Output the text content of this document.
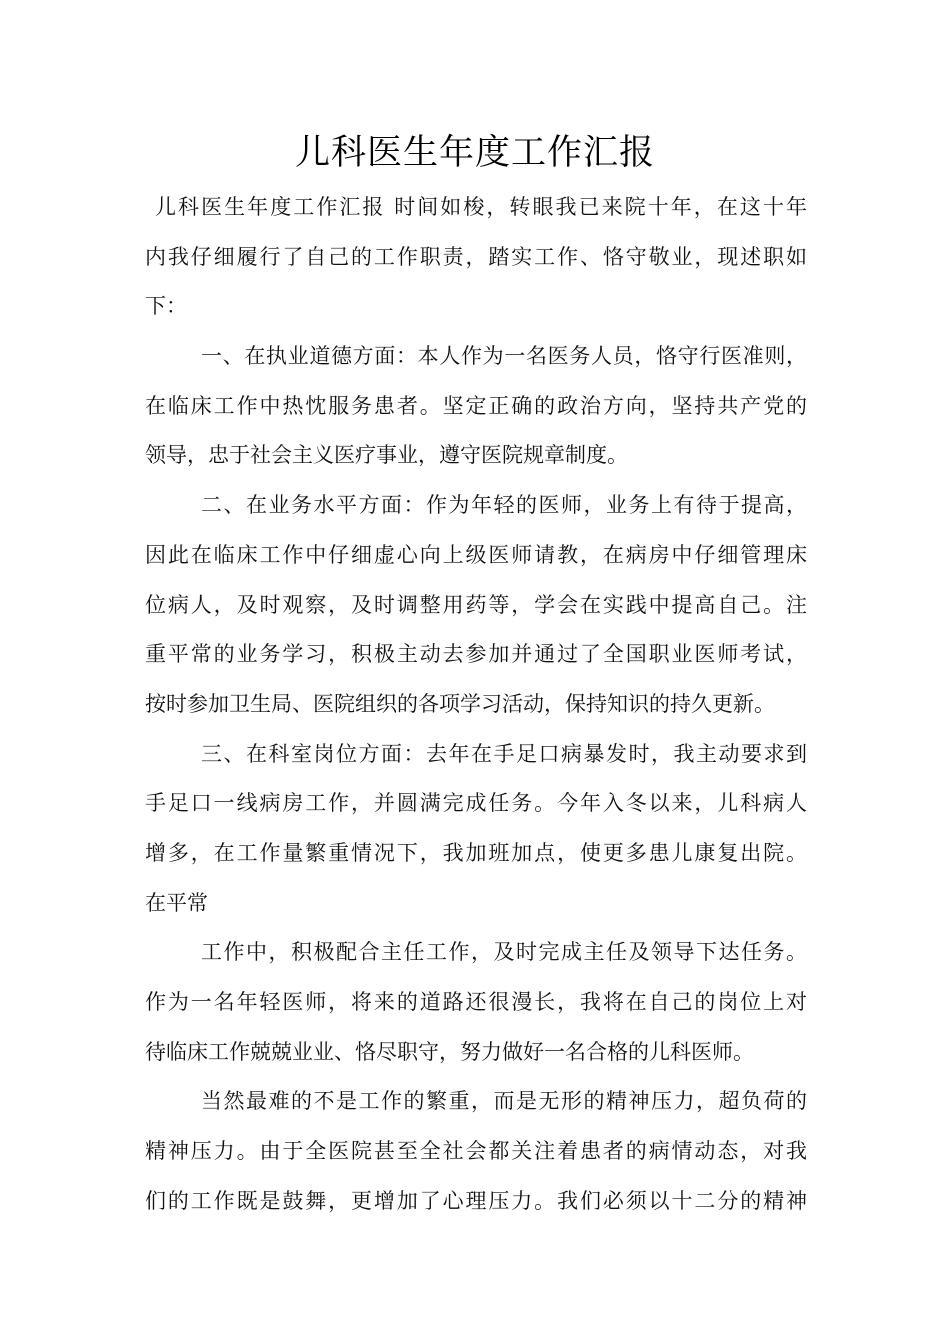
儿科医生年度工作汇报
儿科医生年度工作汇报 时间如梭，转眼我已来院十年，在这十年
内我仔细履行了自己的工作职责，踏实工作、恪守敬业，现述职如
下：
一、在执业道德方面：本人作为一名医务人员，恪守行医准则，
在临床工作中热忱服务患者。坚定正确的政治方向，坚持共产党的
领导，忠于社会主义医疗事业，遵守医院规章制度。
二、在业务水平方面：作为年轻的医师，业务上有待于提高，
因此在临床工作中仔细虚心向上级医师请教，在病房中仔细管理床
位病人，及时观察，及时调整用药等，学会在实践中提高自己。注
重平常的业务学习，积极主动去参加并通过了全国职业医师考试，
按时参加卫生局、医院组织的各项学习活动，保持知识的持久更新。
三、在科室岗位方面：去年在手足口病暴发时，我主动要求到
手足口一线病房工作，并圆满完成任务。今年入冬以来，儿科病人
增多，在工作量繁重情况下，我加班加点，使更多患儿康复出院。
在平常
工作中，积极配合主任工作，及时完成主任及领导下达任务。
作为一名年轻医师，将来的道路还很漫长，我将在自己的岗位上对
待临床工作兢兢业业、恪尽职守，努力做好一名合格的儿科医师。
当然最难的不是工作的繁重，而是无形的精神压力，超负荷的
精神压力。由于全医院甚至全社会都关注着患者的病情动态，对我
们的工作既是鼓舞，更增加了心理压力。我们必须以十二分的精神
